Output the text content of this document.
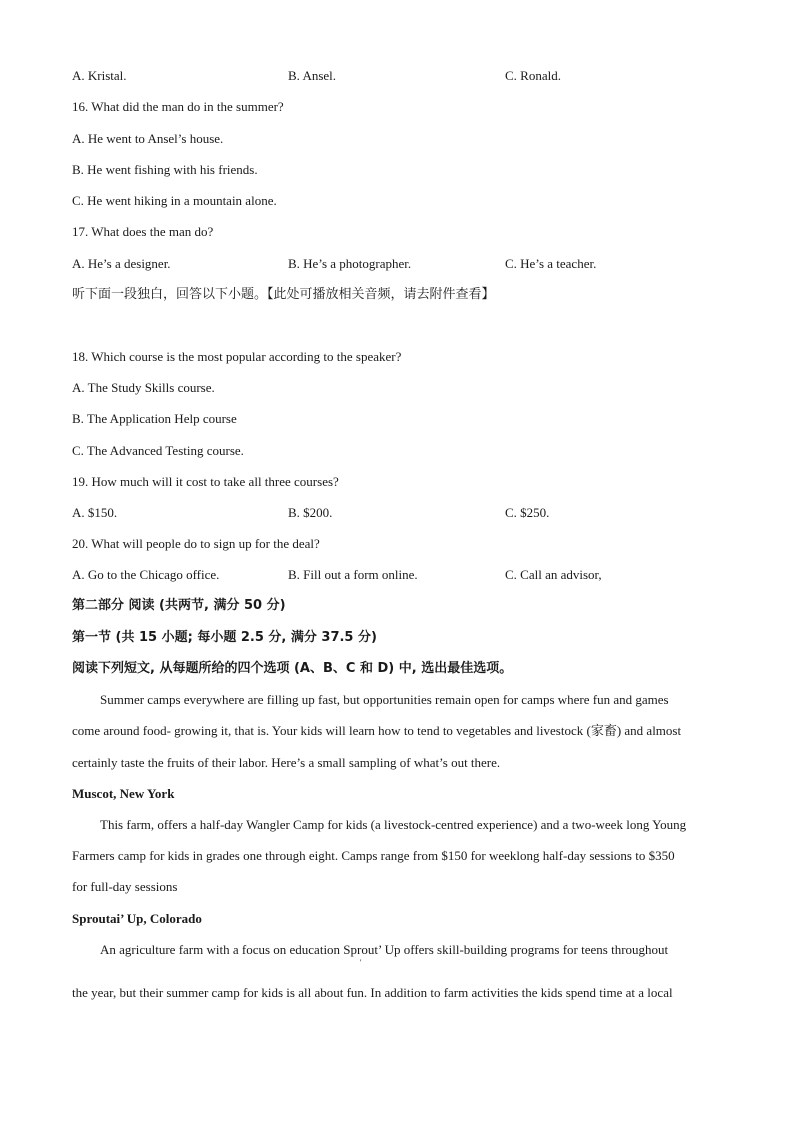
A. Kristal.	B. Ansel.	C. Ronald.
16. What did the man do in the summer?
A. He went to Ansel’s house.
B. He went fishing with his friends.
C. He went hiking in a mountain alone.
17. What does the man do?
A. He’s a designer.	B. He’s a photographer.	C. He’s a teacher.
听下面一段独白，回答以下小题。【此处可播放相关音频，请去附件查看】
18. Which course is the most popular according to the speaker?
A. The Study Skills course.
B. The Application Help course
C. The Advanced Testing course.
19. How much will it cost to take all three courses?
A. $150.	B. $200.	C. $250.
20. What will people do to sign up for the deal?
A. Go to the Chicago office.	B. Fill out a form online.	C. Call an advisor,
第二部分 阅读 (共两节, 满分 50 分)
第一节 (共 15 小题; 每小题 2.5 分, 满分 37.5 分)
阅读下列短文, 从每题所给的四个选项 (A、B、C 和 D) 中, 选出最佳选项。
Summer camps everywhere are filling up fast, but opportunities remain open for camps where fun and games
come around food- growing it, that is. Your kids will learn how to tend to vegetables and livestock (家畜) and almost
certainly taste the fruits of their labor. Here’s a small sampling of what’s out there.
Muscot, New York
This farm, offers a half-day Wangler Camp for kids (a livestock-centred experience) and a two-week long Young
Farmers camp for kids in grades one through eight. Camps range from $150 for weeklong half-day sessions to $350
for full-day sessions
Sproutai’ Up, Colorado
An agriculture farm with a focus on education Sprout’ Up offers skill-building programs for teens throughout
'
the year, but their summer camp for kids is all about fun. In addition to farm activities the kids spend time at a local
